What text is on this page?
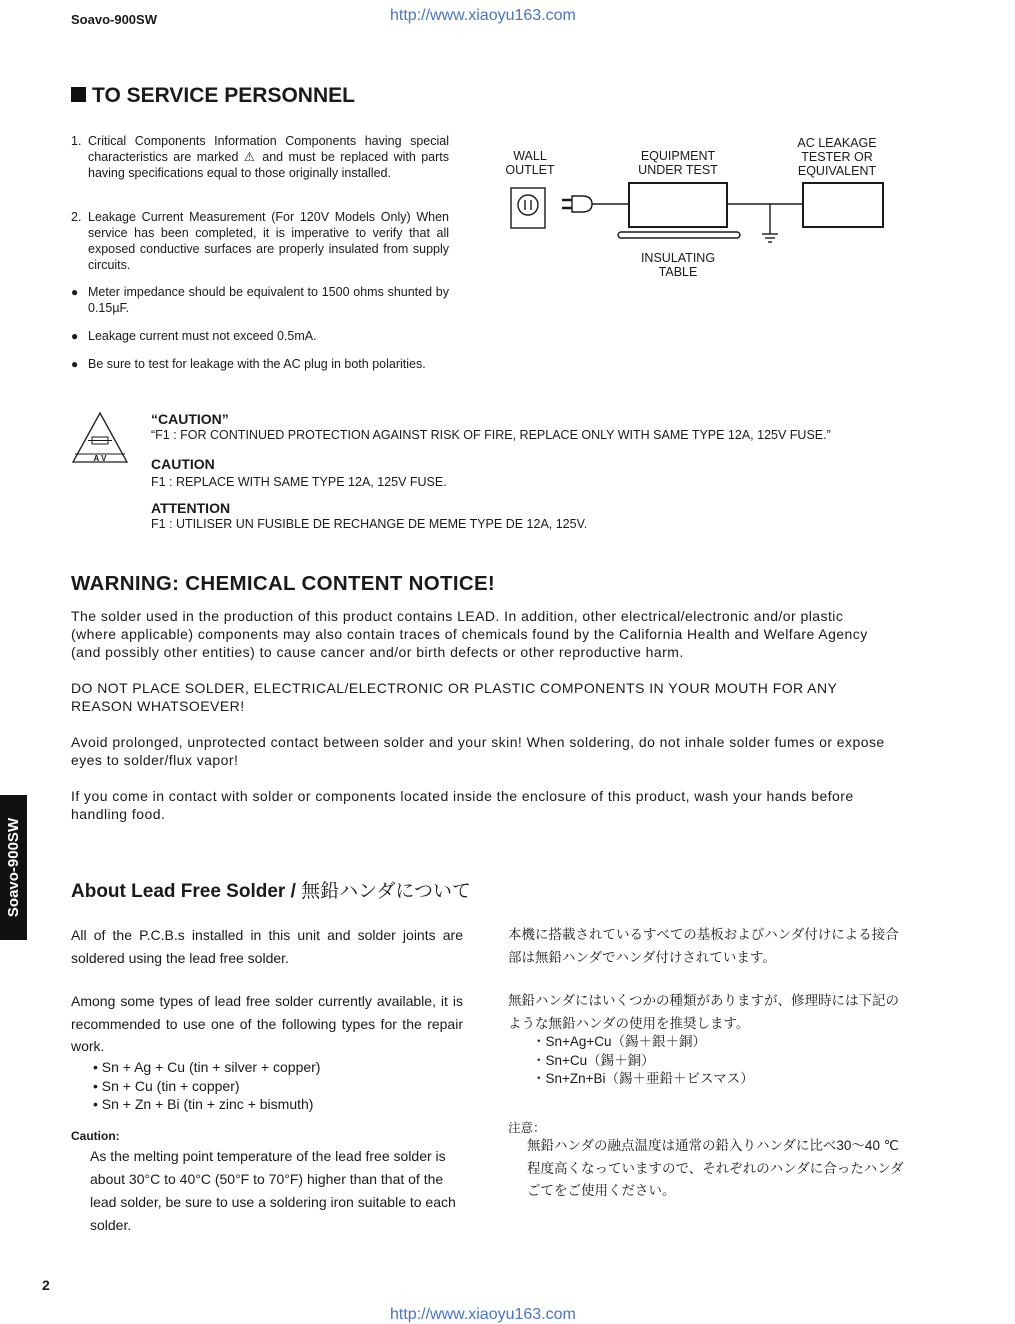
Soavo-900SW	http://www.xiaoyu163.com
Soavo-900SW
TO SERVICE PERSONNEL
1. Critical Components Information Components having special characteristics are marked ⚠ and must be replaced with parts having specifications equal to those originally installed.
2. Leakage Current Measurement (For 120V Models Only) When service has been completed, it is imperative to verify that all exposed conductive surfaces are properly insulated from supply circuits.
● Meter impedance should be equivalent to 1500 ohms shunted by 0.15µF.
● Leakage current must not exceed 0.5mA.
● Be sure to test for leakage with the AC plug in both polarities.
WALL OUTLET
EQUIPMENT UNDER TEST
AC LEAKAGE TESTER OR EQUIVALENT
INSULATING TABLE
A V
“CAUTION”
“F1 : FOR CONTINUED PROTECTION AGAINST RISK OF FIRE, REPLACE ONLY WITH SAME TYPE 12A, 125V FUSE.”
CAUTION
F1 : REPLACE WITH SAME TYPE 12A, 125V FUSE.
ATTENTION
F1 : UTILISER UN FUSIBLE DE RECHANGE DE MEME TYPE DE 12A, 125V.
WARNING: CHEMICAL CONTENT NOTICE!
The solder used in the production of this product contains LEAD. In addition, other electrical/electronic and/or plastic (where applicable) components may also contain traces of chemicals found by the California Health and Welfare Agency (and possibly other entities) to cause cancer and/or birth defects or other reproductive harm.
DO NOT PLACE SOLDER, ELECTRICAL/ELECTRONIC OR PLASTIC COMPONENTS IN YOUR MOUTH FOR ANY REASON WHATSOEVER!
Avoid prolonged, unprotected contact between solder and your skin! When soldering, do not inhale solder fumes or expose eyes to solder/flux vapor!
If you come in contact with solder or components located inside the enclosure of this product, wash your hands before handling food.
About Lead Free Solder / 無鉛ハンダについて
All of the P.C.B.s installed in this unit and solder joints are soldered using the lead free solder.
Among some types of lead free solder currently available, it is recommended to use one of the following types for the repair work.
• Sn + Ag + Cu (tin + silver + copper)
• Sn + Cu (tin + copper)
• Sn + Zn + Bi (tin + zinc + bismuth)
Caution:
As the melting point temperature of the lead free solder is about 30°C to 40°C (50°F to 70°F) higher than that of the lead solder, be sure to use a soldering iron suitable to each solder.
本機に搭載されているすべての基板およびハンダ付けによる接合部は無鉛ハンダでハンダ付けされています。
無鉛ハンダにはいくつかの種類がありますが、修理時には下記のような無鉛ハンダの使用を推奨します。
・Sn+Ag+Cu（錫＋銀＋銅）
・Sn+Cu（錫＋銅）
・Sn+Zn+Bi（錫＋亜鉛＋ビスマス）
注意：
無鉛ハンダの融点温度は通常の鉛入りハンダに比べ30～40 ℃程度高くなっていますので、それぞれのハンダに合ったハンダごてをご使用ください。
2
http://www.xiaoyu163.com
